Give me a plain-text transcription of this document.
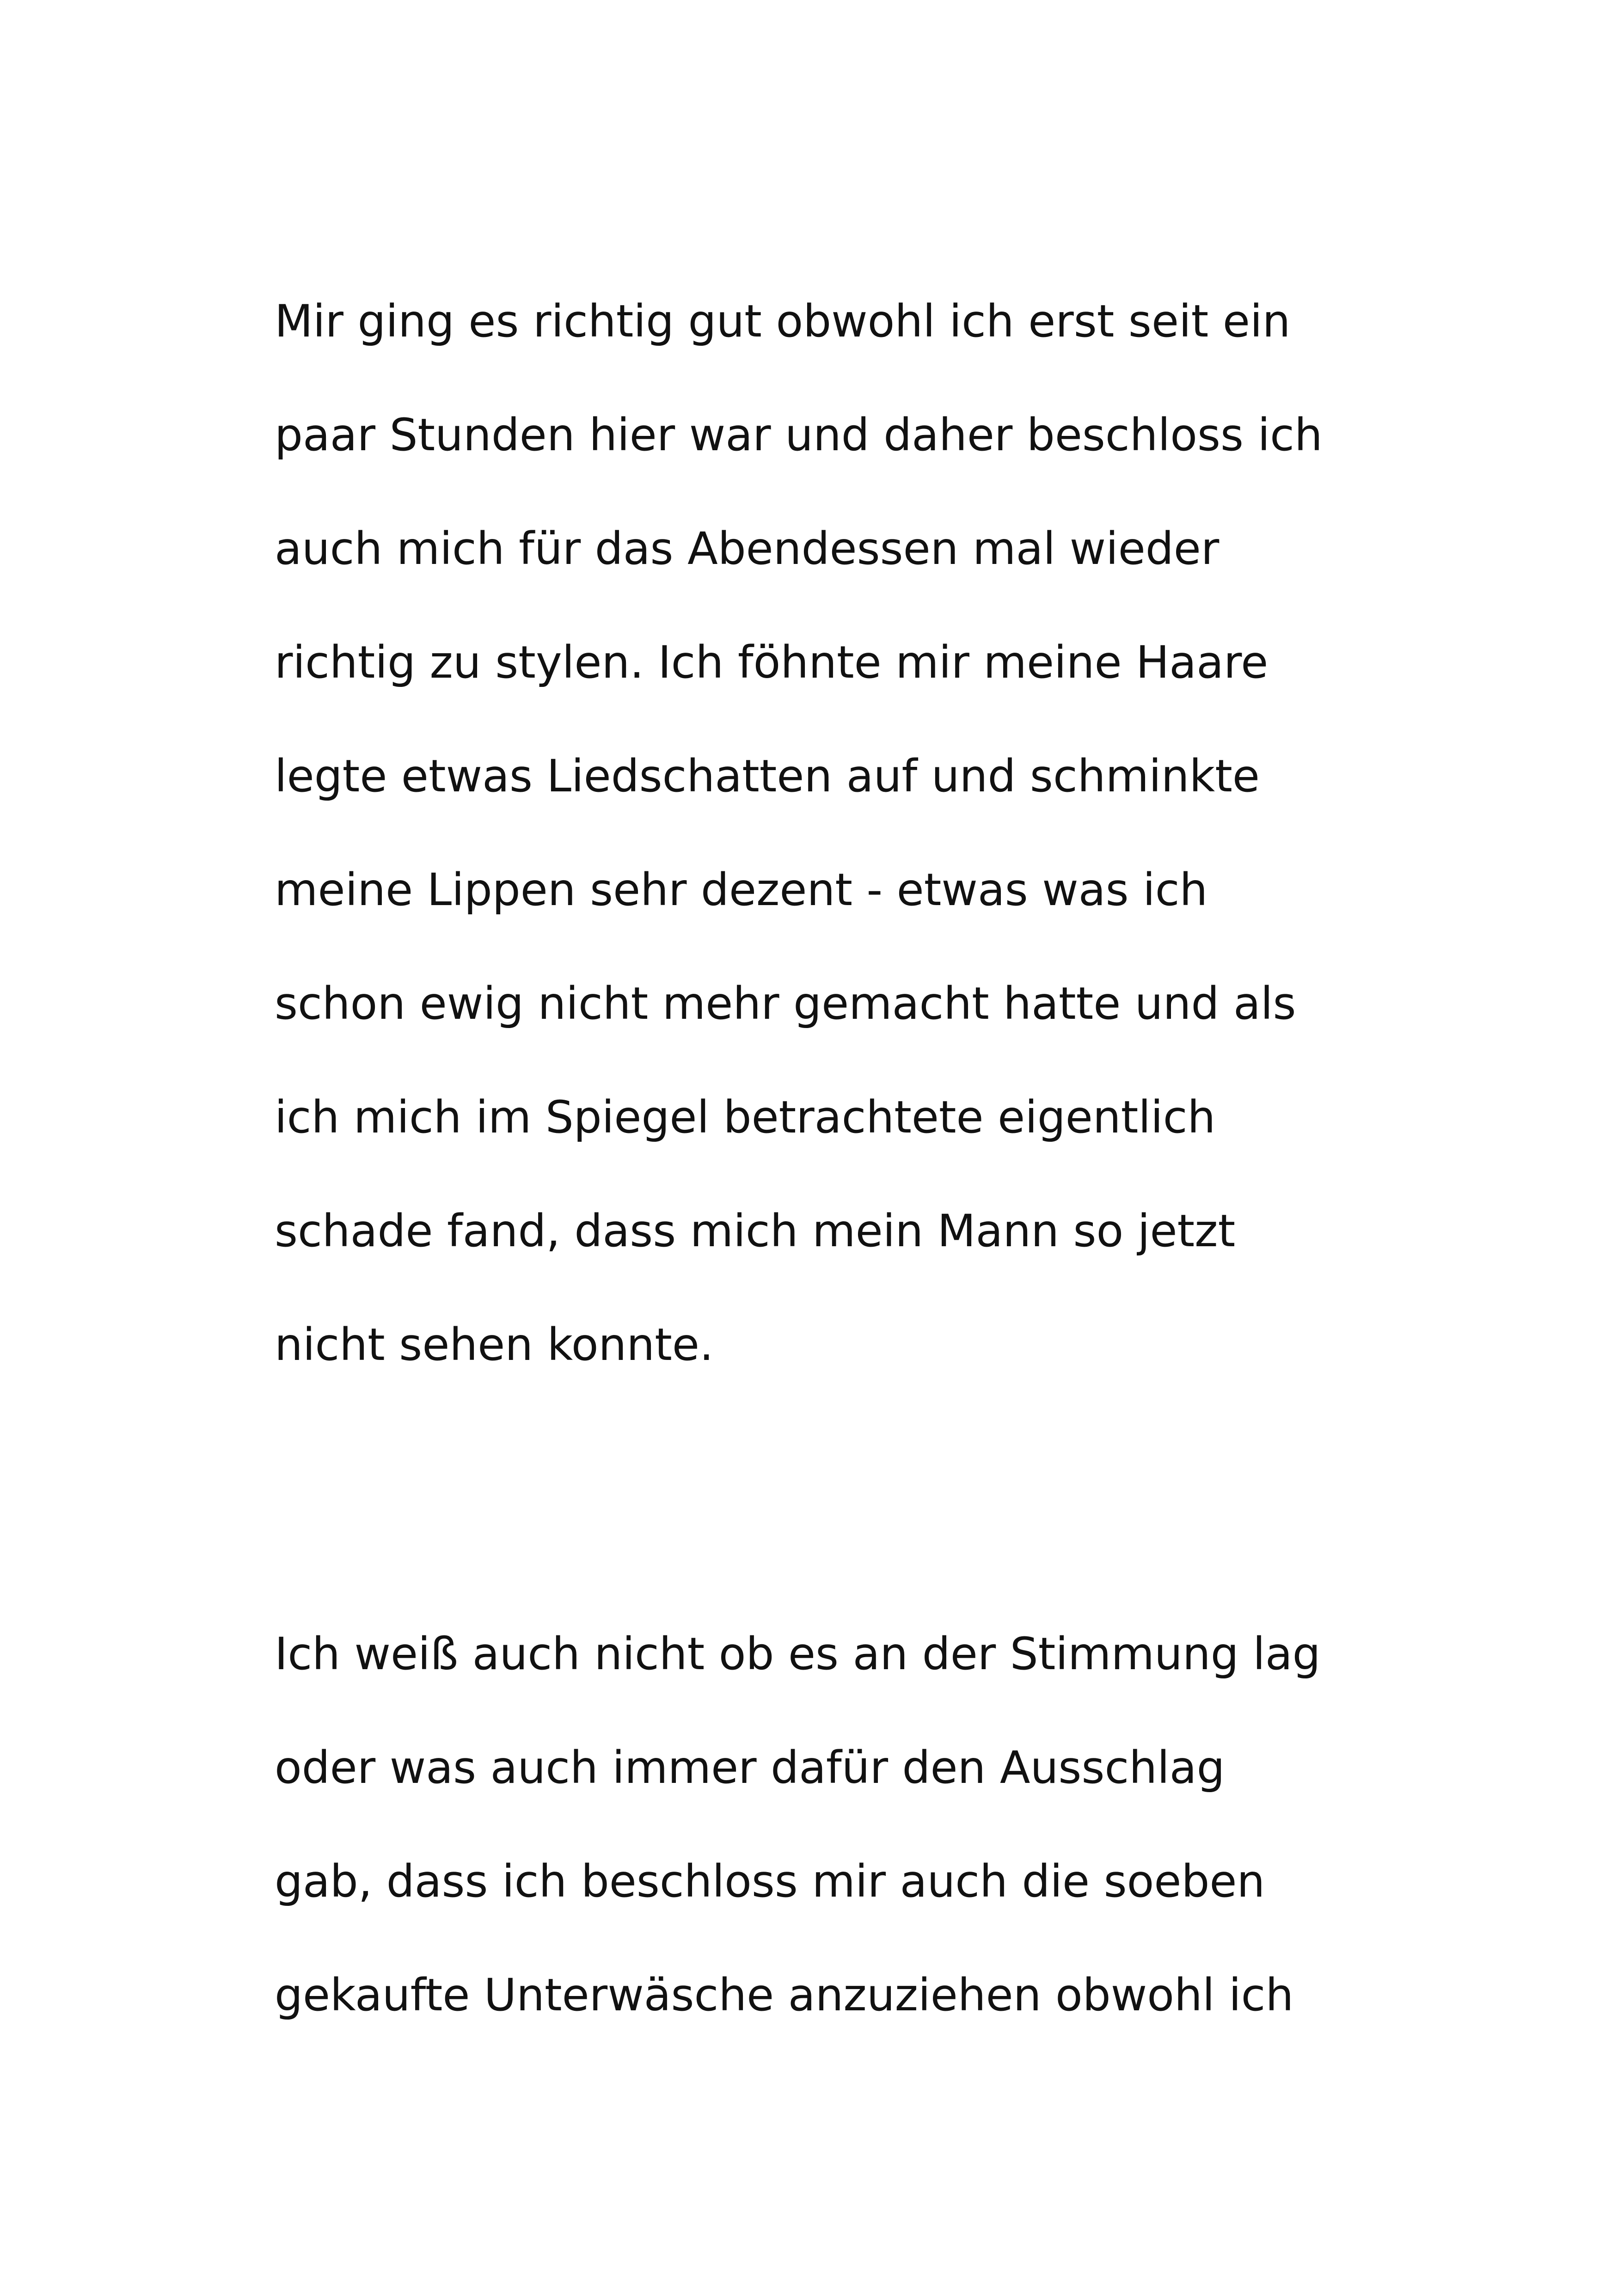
Mir ging es richtig gut obwohl ich erst seit ein
paar Stunden hier war und daher beschloss ich
auch mich für das Abendessen mal wieder
richtig zu stylen. Ich föhnte mir meine Haare
legte etwas Liedschatten auf und schminkte
meine Lippen sehr dezent - etwas was ich
schon ewig nicht mehr gemacht hatte und als
ich mich im Spiegel betrachtete eigentlich
schade fand, dass mich mein Mann so jetzt
nicht sehen konnte.
Ich weiß auch nicht ob es an der Stimmung lag
oder was auch immer dafür den Ausschlag
gab, dass ich beschloss mir auch die soeben
gekaufte Unterwäsche anzuziehen obwohl ich
